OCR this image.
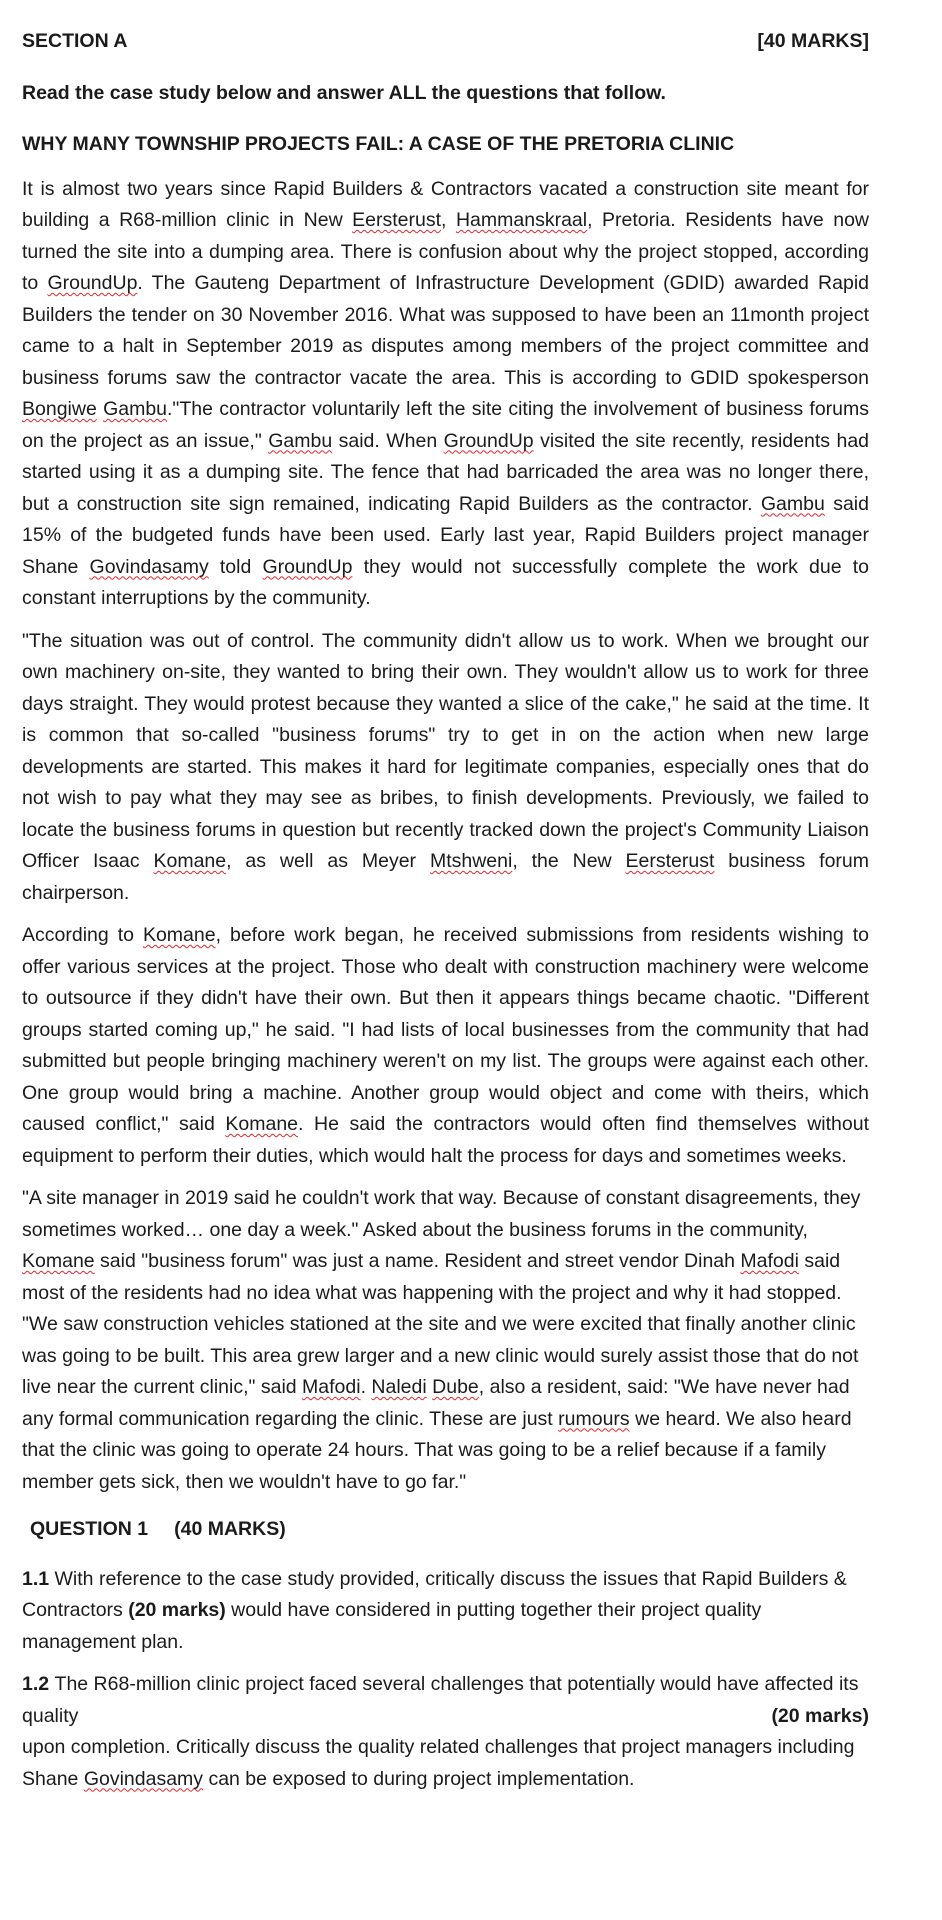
SECTION A	[40 MARKS]

Read the case study below and answer ALL the questions that follow.

WHY MANY TOWNSHIP PROJECTS FAIL: A CASE OF THE PRETORIA CLINIC

It is almost two years since Rapid Builders & Contractors vacated a construction site meant for building a R68-million clinic in New Eersterust, Hammanskraal, Pretoria. Residents have now turned the site into a dumping area. There is confusion about why the project stopped, according to GroundUp. The Gauteng Department of Infrastructure Development (GDID) awarded Rapid Builders the tender on 30 November 2016. What was supposed to have been an 11month project came to a halt in September 2019 as disputes among members of the project committee and business forums saw the contractor vacate the area. This is according to GDID spokesperson Bongiwe Gambu."The contractor voluntarily left the site citing the involvement of business forums on the project as an issue," Gambu said. When GroundUp visited the site recently, residents had started using it as a dumping site. The fence that had barricaded the area was no longer there, but a construction site sign remained, indicating Rapid Builders as the contractor. Gambu said 15% of the budgeted funds have been used. Early last year, Rapid Builders project manager Shane Govindasamy told GroundUp they would not successfully complete the work due to constant interruptions by the community.

"The situation was out of control. The community didn't allow us to work. When we brought our own machinery on-site, they wanted to bring their own. They wouldn't allow us to work for three days straight. They would protest because they wanted a slice of the cake," he said at the time. It is common that so-called "business forums" try to get in on the action when new large developments are started. This makes it hard for legitimate companies, especially ones that do not wish to pay what they may see as bribes, to finish developments. Previously, we failed to locate the business forums in question but recently tracked down the project's Community Liaison Officer Isaac Komane, as well as Meyer Mtshweni, the New Eersterust business forum chairperson.

According to Komane, before work began, he received submissions from residents wishing to offer various services at the project. Those who dealt with construction machinery were welcome to outsource if they didn't have their own. But then it appears things became chaotic. "Different groups started coming up," he said. "I had lists of local businesses from the community that had submitted but people bringing machinery weren't on my list. The groups were against each other. One group would bring a machine. Another group would object and come with theirs, which caused conflict," said Komane. He said the contractors would often find themselves without equipment to perform their duties, which would halt the process for days and sometimes weeks.

"A site manager in 2019 said he couldn't work that way. Because of constant disagreements, they sometimes worked… one day a week." Asked about the business forums in the community, Komane said "business forum" was just a name. Resident and street vendor Dinah Mafodi said most of the residents had no idea what was happening with the project and why it had stopped. "We saw construction vehicles stationed at the site and we were excited that finally another clinic was going to be built. This area grew larger and a new clinic would surely assist those that do not live near the current clinic," said Mafodi. Naledi Dube, also a resident, said: "We have never had any formal communication regarding the clinic. These are just rumours we heard. We also heard that the clinic was going to operate 24 hours. That was going to be a relief because if a family member gets sick, then we wouldn't have to go far."

QUESTION 1 (40 MARKS)

1.1 With reference to the case study provided, critically discuss the issues that Rapid Builders & Contractors (20 marks) would have considered in putting together their project quality management plan.

1.2 The R68-million clinic project faced several challenges that potentially would have affected its quality	(20 marks)
upon completion. Critically discuss the quality related challenges that project managers including Shane Govindasamy can be exposed to during project implementation.
